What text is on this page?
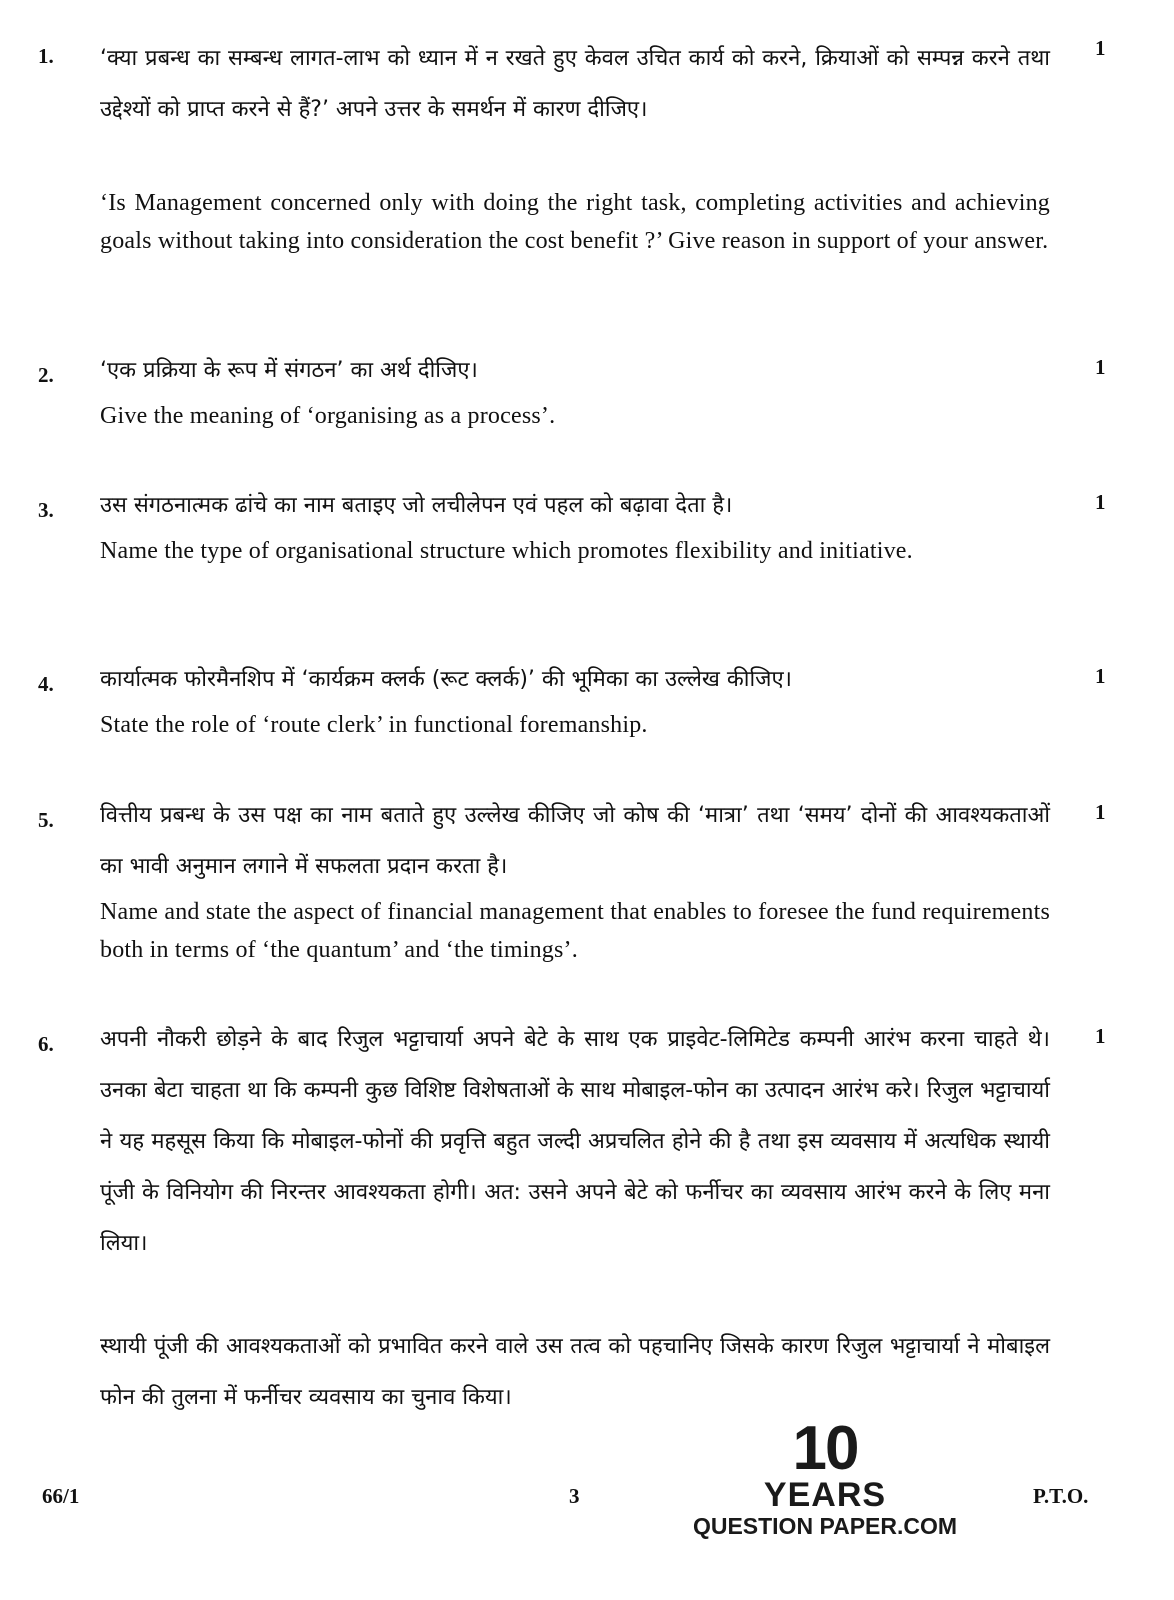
1.	1

‘क्या प्रबन्ध का सम्बन्ध लागत-लाभ को ध्यान में न रखते हुए केवल उचित कार्य को करने, क्रियाओं को सम्पन्न करने तथा उद्देश्यों को प्राप्त करने से हैं?’ अपने उत्तर के समर्थन में कारण दीजिए।

‘Is Management concerned only with doing the right task, completing activities and achieving goals without taking into consideration the cost benefit ?’ Give reason in support of your answer.

2.	1

‘एक प्रक्रिया के रूप में संगठन’ का अर्थ दीजिए।

Give the meaning of ‘organising as a process’.

3.	1

उस संगठनात्मक ढांचे का नाम बताइए जो लचीलेपन एवं पहल को बढ़ावा देता है।

Name the type of organisational structure which promotes flexibility and initiative.

4.	1

कार्यात्मक फोरमैनशिप में ‘कार्यक्रम क्लर्क (रूट क्लर्क)’ की भूमिका का उल्लेख कीजिए।

State the role of ‘route clerk’ in functional foremanship.

5.	1

वित्तीय प्रबन्ध के उस पक्ष का नाम बताते हुए उल्लेख कीजिए जो कोष की ‘मात्रा’ तथा ‘समय’ दोनों की आवश्यकताओं का भावी अनुमान लगाने में सफलता प्रदान करता है।

Name and state the aspect of financial management that enables to foresee the fund requirements both in terms of ‘the quantum’ and ‘the timings’.

6.	1

अपनी नौकरी छोड़ने के बाद रिजुल भट्टाचार्या अपने बेटे के साथ एक प्राइवेट-लिमिटेड कम्पनी आरंभ करना चाहते थे। उनका बेटा चाहता था कि कम्पनी कुछ विशिष्ट विशेषताओं के साथ मोबाइल-फोन का उत्पादन आरंभ करे। रिजुल भट्टाचार्या ने यह महसूस किया कि मोबाइल-फोनों की प्रवृत्ति बहुत जल्दी अप्रचलित होने की है तथा इस व्यवसाय में अत्यधिक स्थायी पूंजी के विनियोग की निरन्तर आवश्यकता होगी। अत: उसने अपने बेटे को फर्नीचर का व्यवसाय आरंभ करने के लिए मना लिया।

स्थायी पूंजी की आवश्यकताओं को प्रभावित करने वाले उस तत्व को पहचानिए जिसके कारण रिजुल भट्टाचार्या ने मोबाइल फोन की तुलना में फर्नीचर व्यवसाय का चुनाव किया।

66/1	3	P.T.O.
10
YEARS
QUESTION PAPER.COM
